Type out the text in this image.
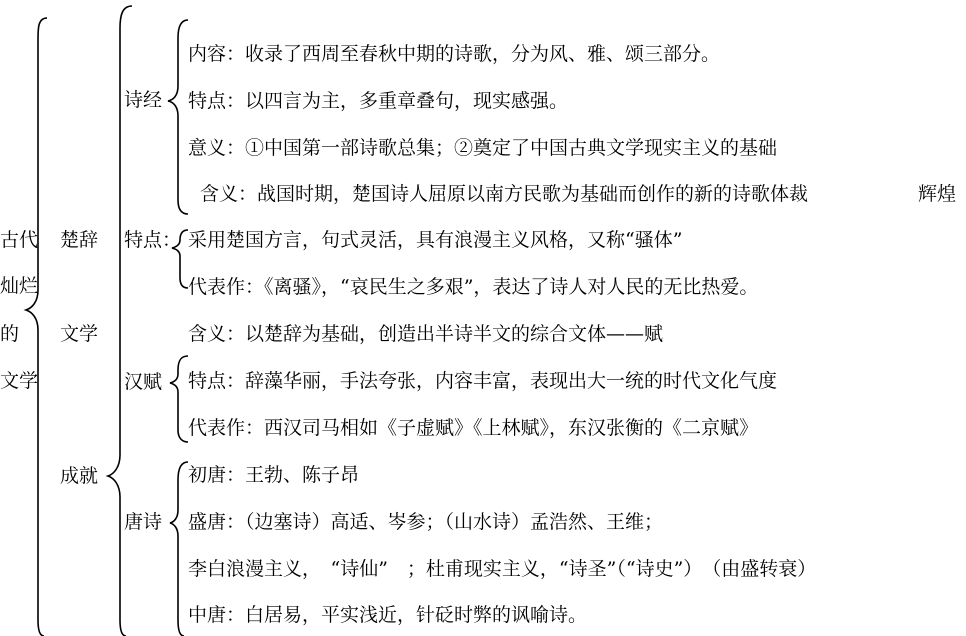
古代
灿烂
的
文学
楚辞
文学
成就
诗经
内容：收录了西周至春秋中期的诗歌，分为风、雅、颂三部分。
特点：以四言为主，多重章叠句，现实感强。
意义：①中国第一部诗歌总集；②奠定了中国古典文学现实主义的基础
含义：战国时期，楚国诗人屈原以南方民歌为基础而创作的新的诗歌体裁	辉煌
特点： 采用楚国方言，句式灵活，具有浪漫主义风格，又称“骚体”
代表作：《离骚》，“哀民生之多艰”，表达了诗人对人民的无比热爱。
含义：以楚辞为基础，创造出半诗半文的综合文体——赋
汉赋 特点：辞藻华丽，手法夸张，内容丰富，表现出大一统的时代文化气度
代表作：西汉司马相如《子虚赋》《上林赋》，东汉张衡的《二京赋》
唐诗
初唐：王勃、陈子昂
盛唐：（边塞诗）高适、岑参；（山水诗）孟浩然、王维；
李白浪漫主义，　“诗仙”　；杜甫现实主义，“诗圣”（“诗史”）　（由盛转衰）
中唐：白居易，平实浅近，针砭时弊的讽喻诗。
